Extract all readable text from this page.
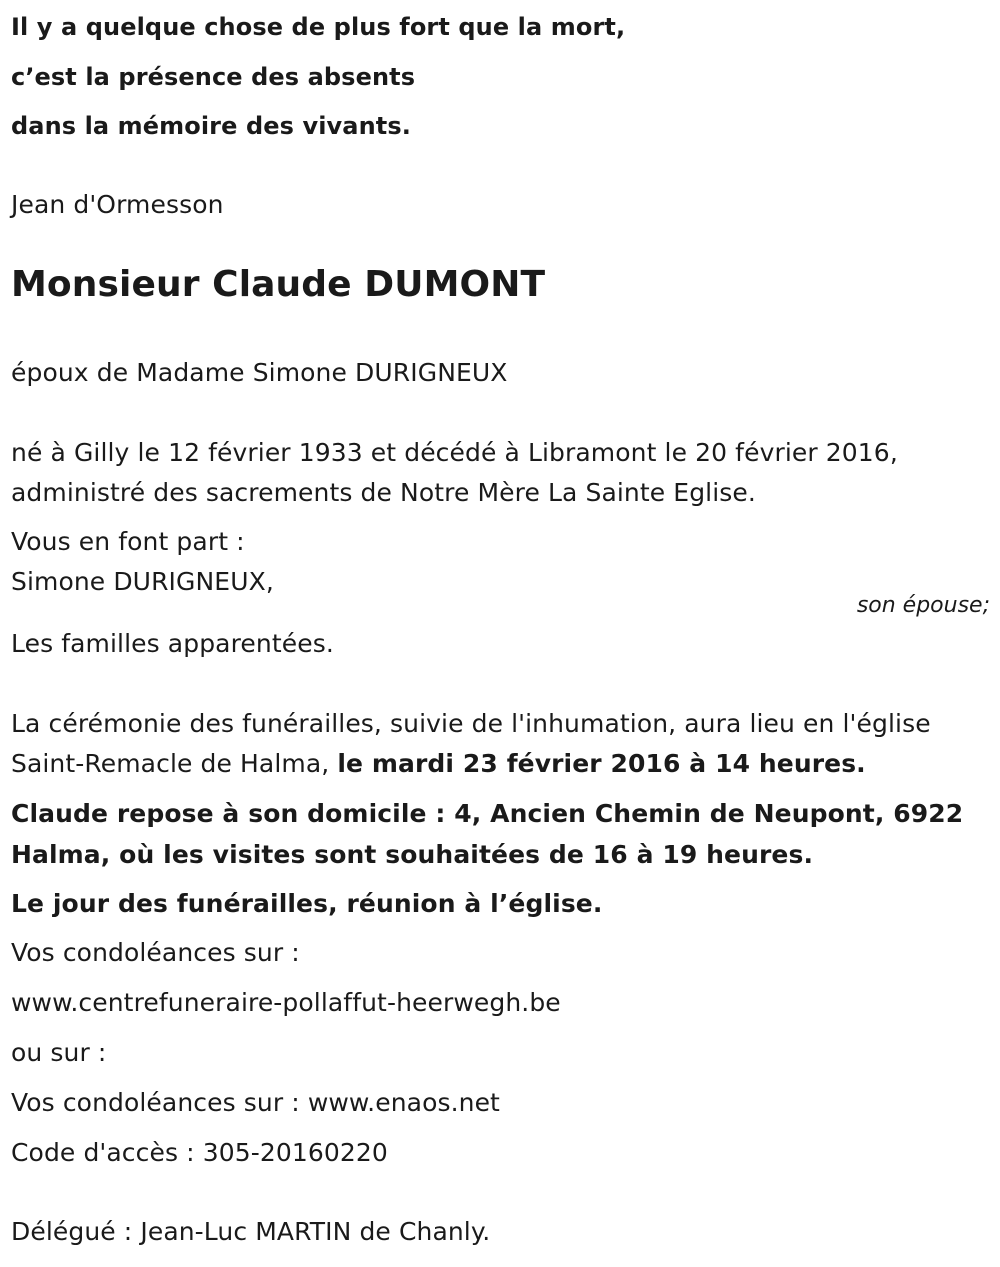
Il y a quelque chose de plus fort que la mort,
c’est la présence des absents
dans la mémoire des vivants.
Jean d'Ormesson
Monsieur Claude DUMONT
époux de Madame Simone DURIGNEUX
né à Gilly le 12 février 1933 et décédé à Libramont le 20 février 2016,
administré des sacrements de Notre Mère La Sainte Eglise.
Vous en font part :
Simone DURIGNEUX,
son épouse;
Les familles apparentées.
La cérémonie des funérailles, suivie de l'inhumation, aura lieu en l'église
Saint-Remacle de Halma, le mardi 23 février 2016 à 14 heures.
Claude repose à son domicile : 4, Ancien Chemin de Neupont, 6922
Halma, où les visites sont souhaitées de 16 à 19 heures.
Le jour des funérailles, réunion à l’église.
Vos condoléances sur :
www.centrefuneraire-pollaffut-heerwegh.be
ou sur :
Vos condoléances sur : www.enaos.net
Code d'accès : 305-20160220
Délégué : Jean-Luc MARTIN de Chanly.
